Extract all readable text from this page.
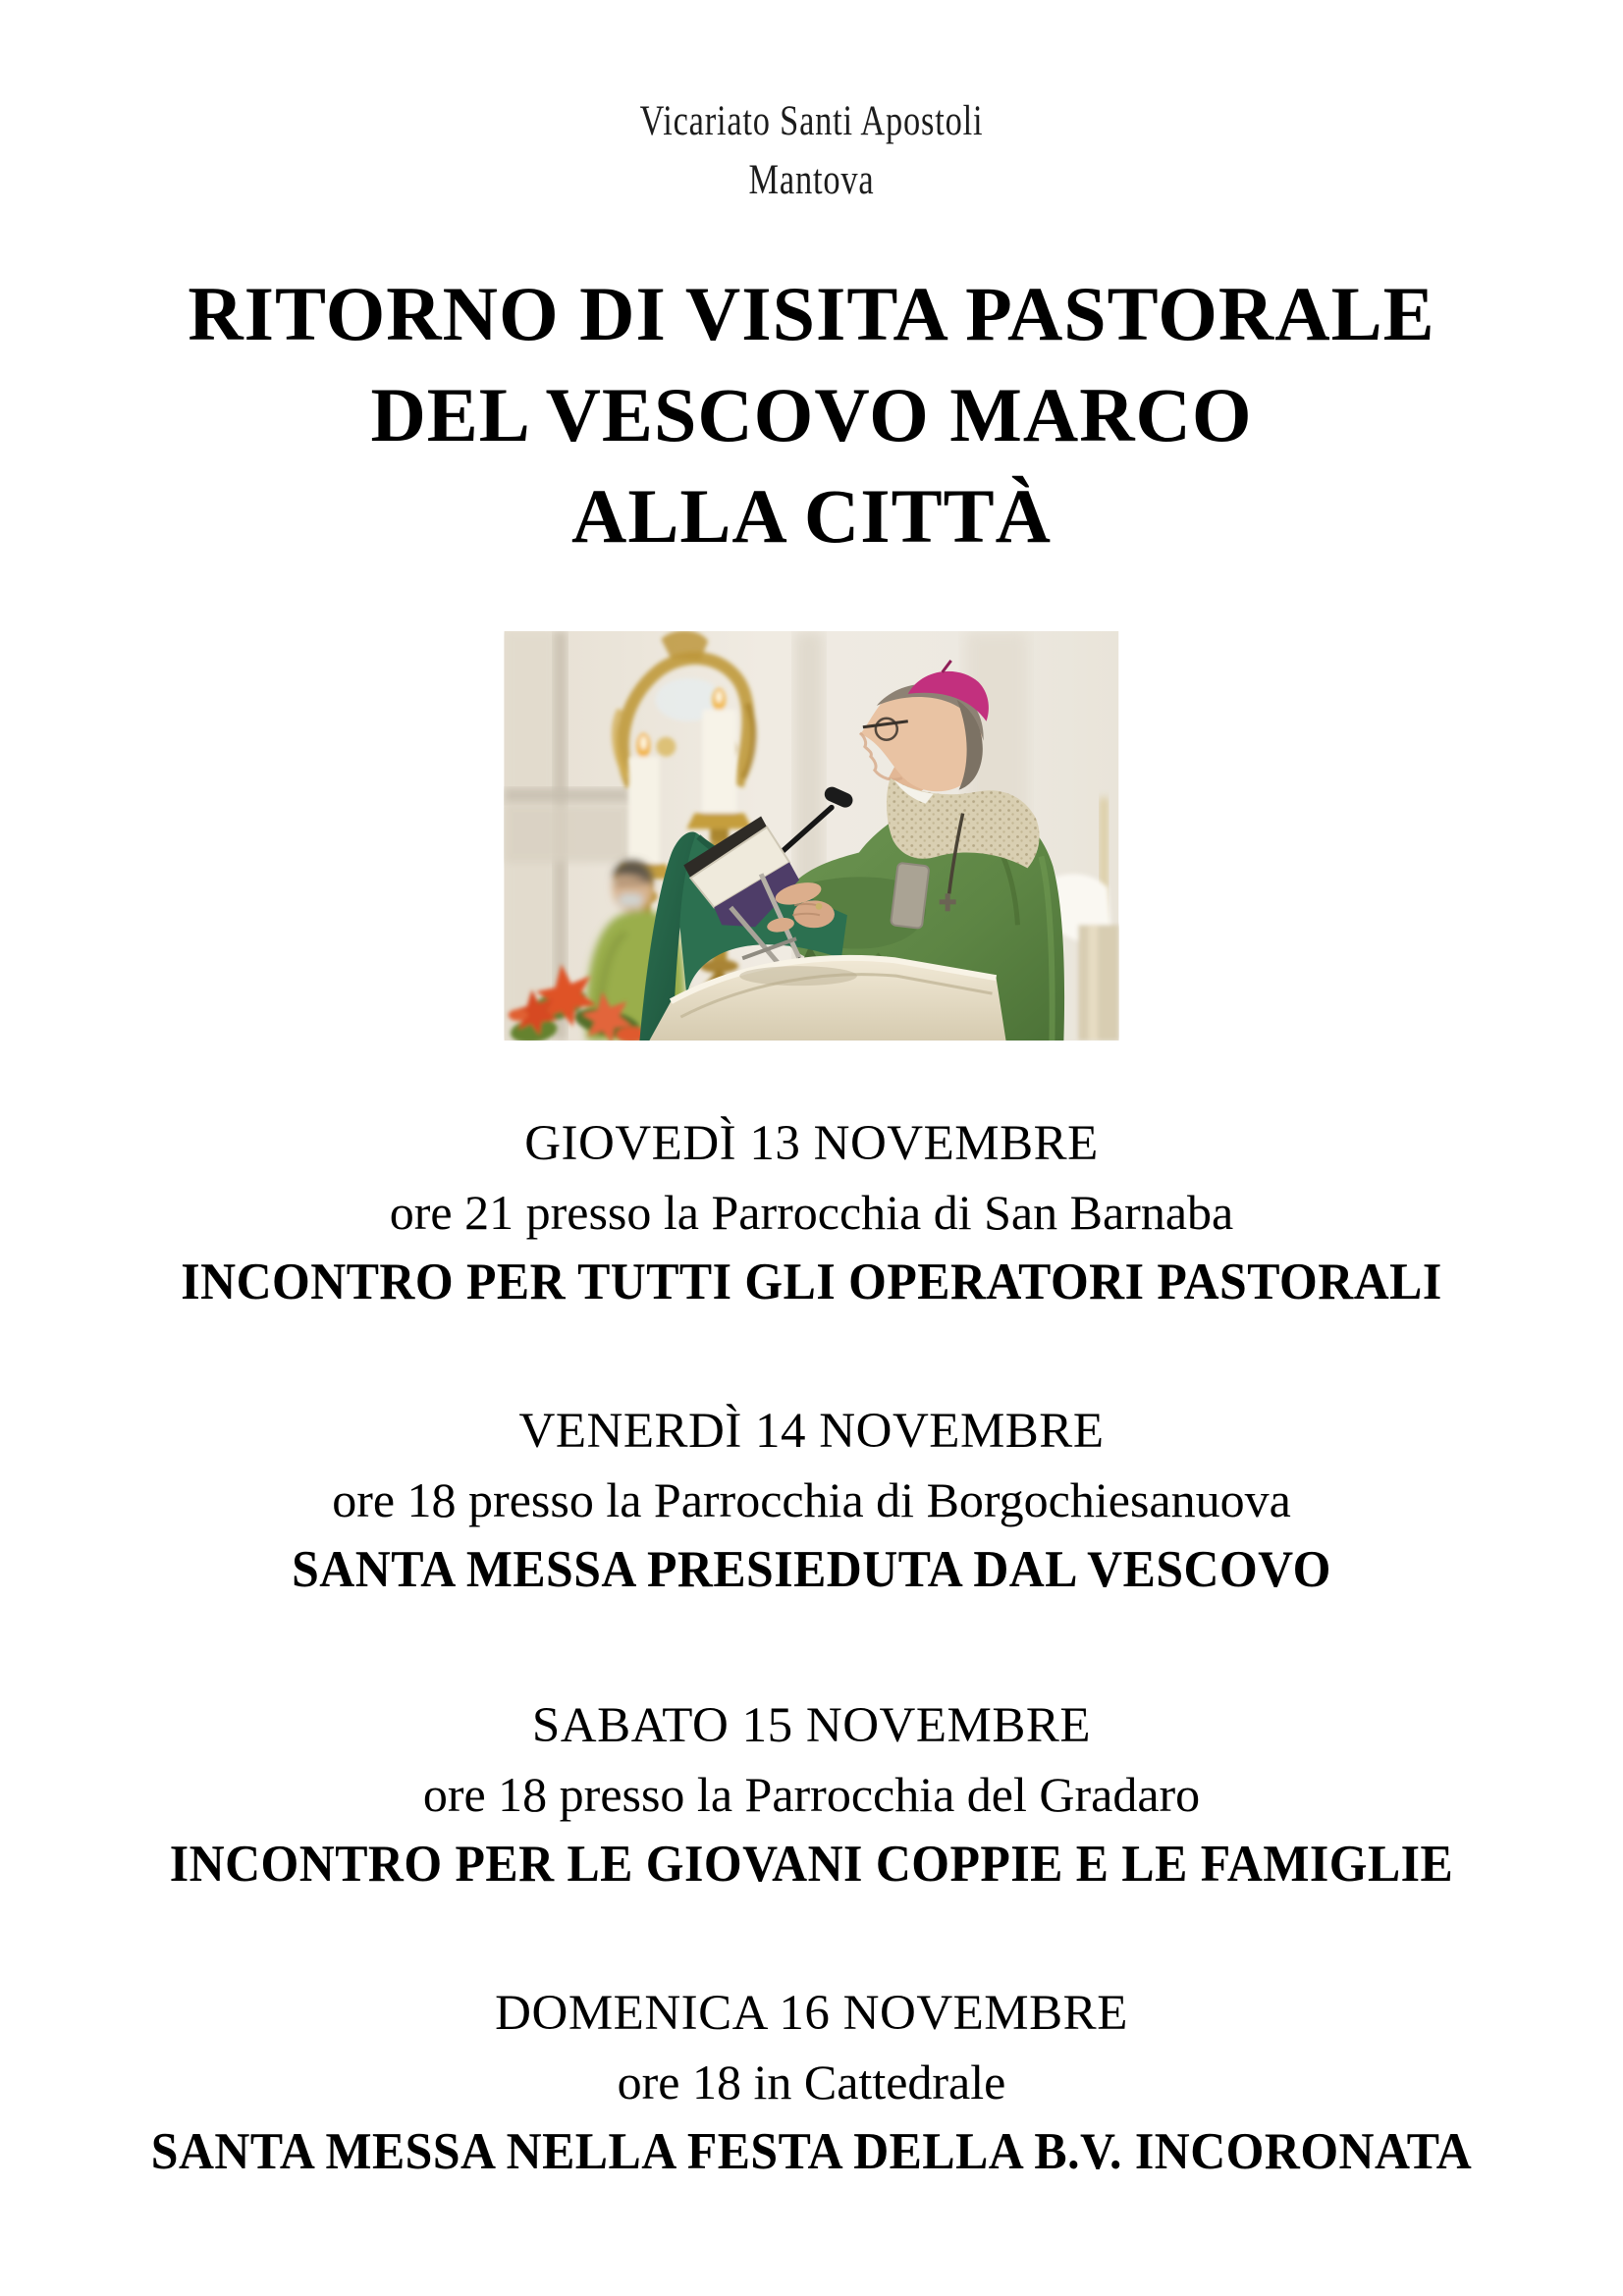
Vicariato Santi Apostoli
Mantova
RITORNO DI VISITA PASTORALE
DEL VESCOVO MARCO
ALLA CITTÀ
GIOVEDÌ 13 NOVEMBRE
ore 21 presso la Parrocchia di San Barnaba
INCONTRO PER TUTTI GLI OPERATORI PASTORALI
VENERDÌ 14 NOVEMBRE
ore 18 presso la Parrocchia di Borgochiesanuova
SANTA MESSA PRESIEDUTA DAL VESCOVO
SABATO 15 NOVEMBRE
ore 18 presso la Parrocchia del Gradaro
INCONTRO PER LE GIOVANI COPPIE E LE FAMIGLIE
DOMENICA 16 NOVEMBRE
ore 18 in Cattedrale
SANTA MESSA NELLA FESTA DELLA B.V. INCORONATA
